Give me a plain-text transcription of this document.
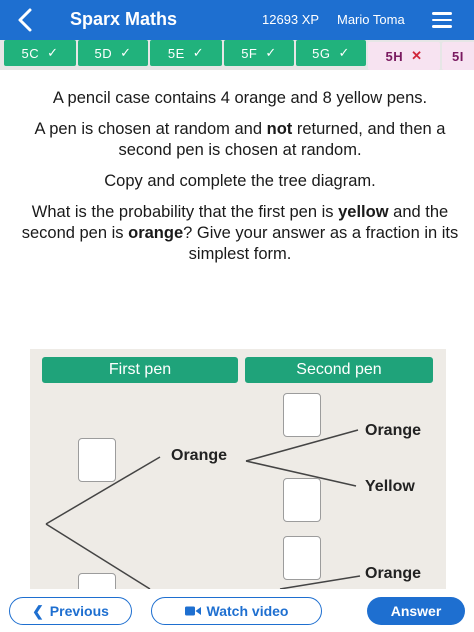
Sparx Maths	12693 XP Mario Toma
5C ✓	5D ✓	5E ✓	5F ✓	5G ✓	5H ✕ 5I

A pencil case contains 4 orange and 8 yellow pens.

A pen is chosen at random and not returned, and then a second pen is chosen at random.

Copy and complete the tree diagram.

What is the probability that the first pen is yellow and the second pen is orange? Give your answer as a fraction in its simplest form.

First pen	Second pen
Orange
Orange
Yellow
Orange
❮ Previous	Watch video	Answer
